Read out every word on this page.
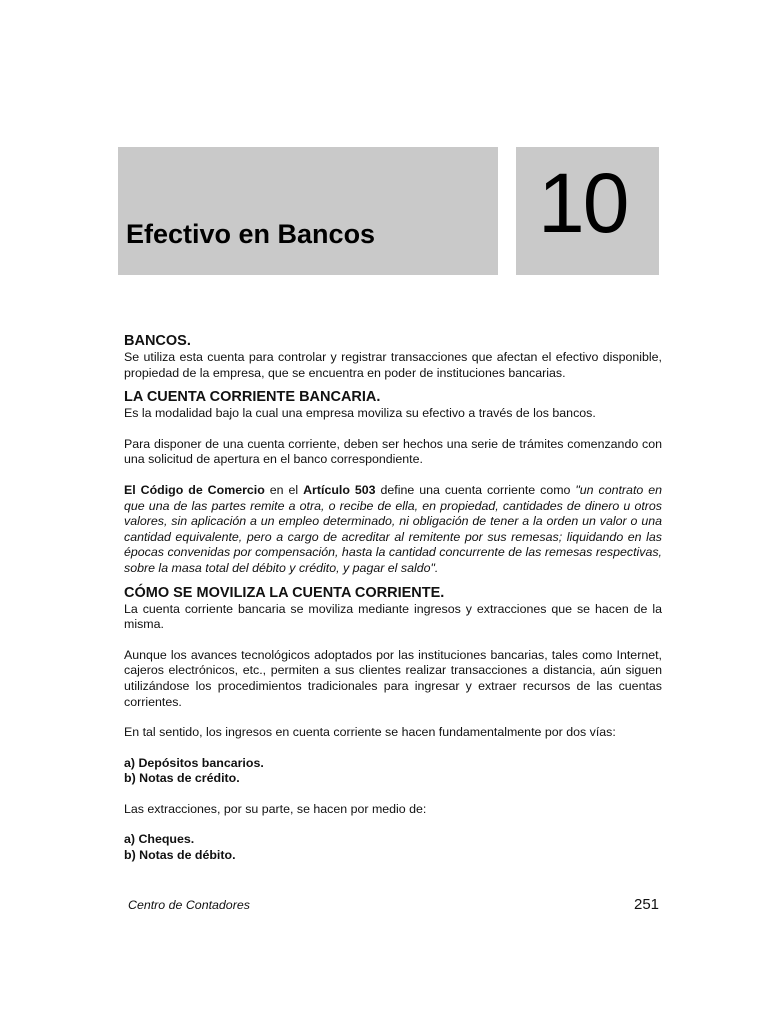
Efectivo en Bancos 10
BANCOS.

Se utiliza esta cuenta para controlar y registrar transacciones que afectan el efectivo disponible, propiedad de la empresa, que se encuentra en poder de instituciones bancarias.

LA CUENTA CORRIENTE BANCARIA.

Es la modalidad bajo la cual una empresa moviliza su efectivo a través de los bancos.

Para disponer de una cuenta corriente, deben ser hechos una serie de trámites comenzando con una solicitud de apertura en el banco correspondiente.

El Código de Comercio en el Artículo 503 define una cuenta corriente como "un contrato en que una de las partes remite a otra, o recibe de ella, en propiedad, cantidades de dinero u otros valores, sin aplicación a un empleo determinado, ni obligación de tener a la orden un valor o una cantidad equivalente, pero a cargo de acreditar al remitente por sus remesas; liquidando en las épocas convenidas por compensación, hasta la cantidad concurrente de las remesas respectivas, sobre la masa total del débito y crédito, y pagar el saldo".

CÓMO SE MOVILIZA LA CUENTA CORRIENTE.

La cuenta corriente bancaria se moviliza mediante ingresos y extracciones que se hacen de la misma.

Aunque los avances tecnológicos adoptados por las instituciones bancarias, tales como Internet, cajeros electrónicos, etc., permiten a sus clientes realizar transacciones a distancia, aún siguen utilizándose los procedimientos tradicionales para ingresar y extraer recursos de las cuentas corrientes.

En tal sentido, los ingresos en cuenta corriente se hacen fundamentalmente por dos vías:

a) Depósitos bancarios.
b) Notas de crédito.

Las extracciones, por su parte, se hacen por medio de:

a) Cheques.
b) Notas de débito.
Centro de Contadores	251
